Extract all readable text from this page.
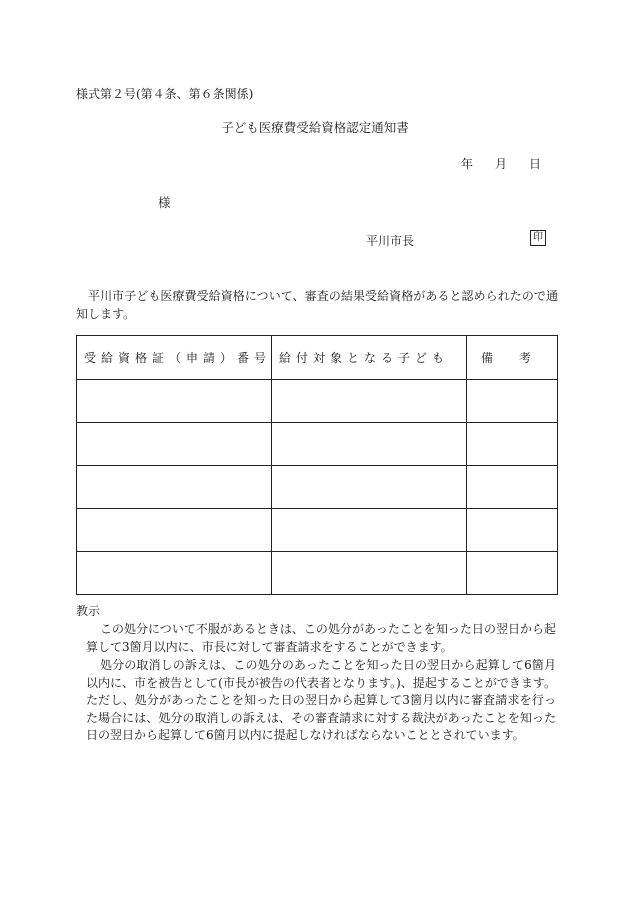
様式第２号(第４条、第６条関係)
子ども医療費受給資格認定通知書
年 月 日
様
平川市長	印
平川市子ども医療費受給資格について、審査の結果受給資格があると認められたので通知します。
受給資格証（申請）番号	給付対象となる子ども	備考

教示
この処分について不服があるときは、この処分があったことを知った日の翌日から起算して3箇月以内に、市長に対して審査請求をすることができます。
処分の取消しの訴えは、この処分のあったことを知った日の翌日から起算して6箇月以内に、市を被告として(市長が被告の代表者となります。)、提起することができます。ただし、処分があったことを知った日の翌日から起算して3箇月以内に審査請求を行った場合には、処分の取消しの訴えは、その審査請求に対する裁決があったことを知った日の翌日から起算して6箇月以内に提起しなければならないこととされています。
